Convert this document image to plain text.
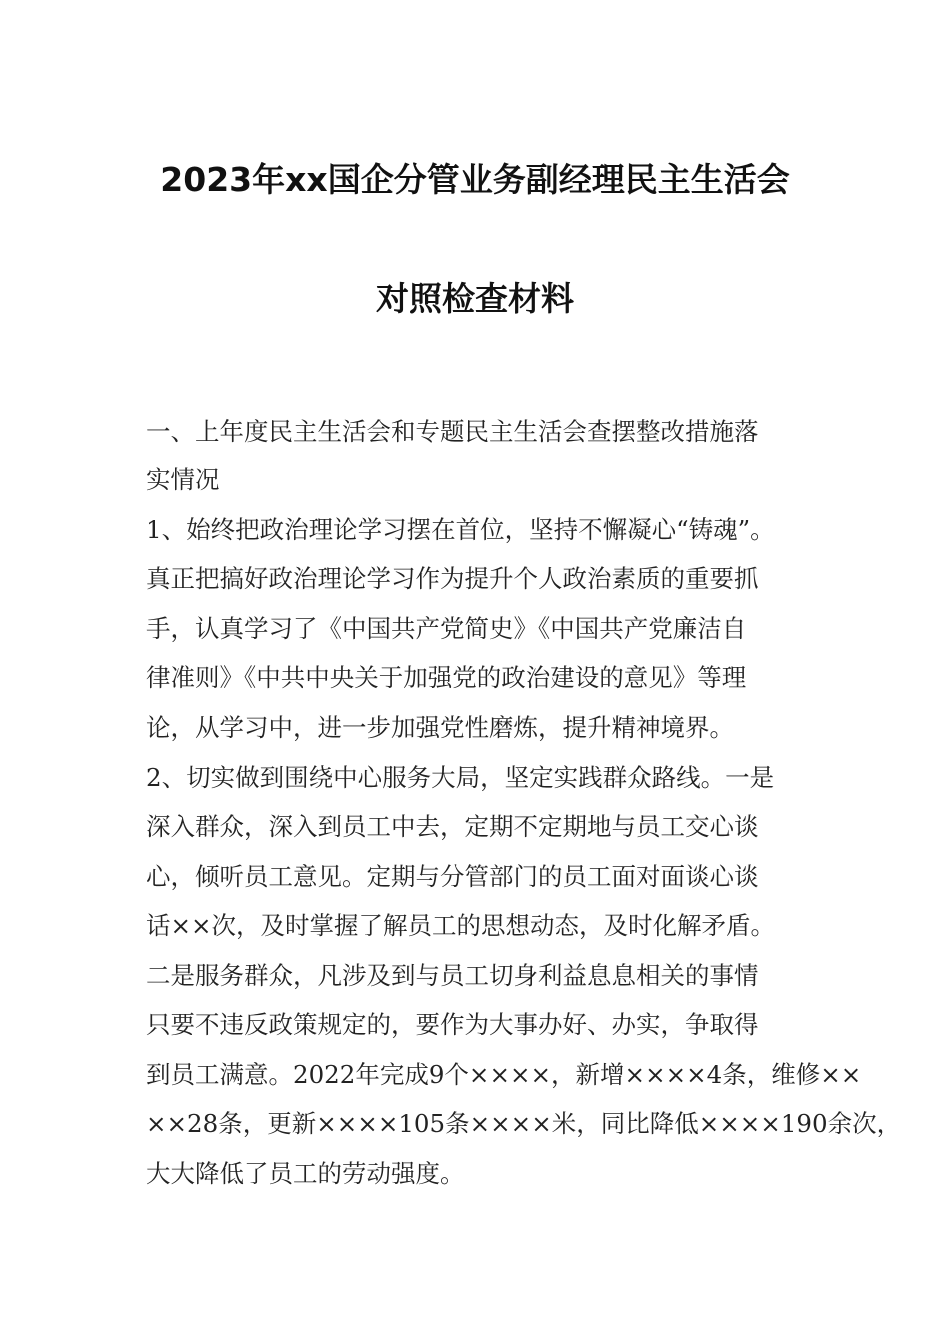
2023年xx国企分管业务副经理民主生活会
对照检查材料
一、上年度民主生活会和专题民主生活会查摆整改措施落
实情况
1、始终把政治理论学习摆在首位，坚持不懈凝心“铸魂”。
真正把搞好政治理论学习作为提升个人政治素质的重要抓
手，认真学习了《中国共产党简史》《中国共产党廉洁自
律准则》《中共中央关于加强党的政治建设的意见》等理
论，从学习中，进一步加强党性磨炼，提升精神境界。
2、切实做到围绕中心服务大局，坚定实践群众路线。一是
深入群众，深入到员工中去，定期不定期地与员工交心谈
心，倾听员工意见。定期与分管部门的员工面对面谈心谈
话××次，及时掌握了解员工的思想动态，及时化解矛盾。
二是服务群众，凡涉及到与员工切身利益息息相关的事情
只要不违反政策规定的，要作为大事办好、办实，争取得
到员工满意。2022年完成9个××××，新增××××4条，维修××
××28条，更新××××105条××××米，同比降低××××190余次，
大大降低了员工的劳动强度。
